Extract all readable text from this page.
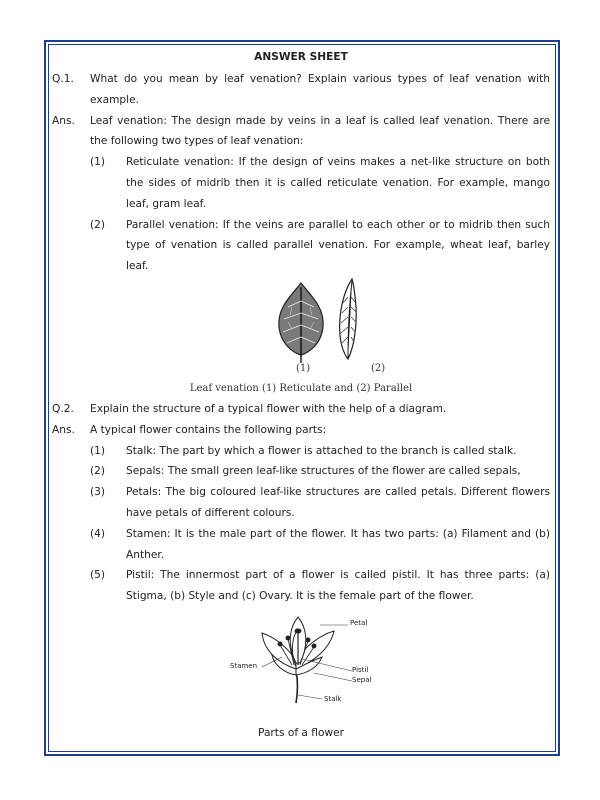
ANSWER SHEET
Q.1.	What do you mean by leaf venation? Explain various types of leaf venation with example.
Ans.	Leaf venation: The design made by veins in a leaf is called leaf venation. There are the following two types of leaf venation:
(1)	Reticulate venation: If the design of veins makes a net-like structure on both the sides of midrib then it is called reticulate venation. For example, mango leaf, gram leaf.
(2)	Parallel venation: If the veins are parallel to each other or to midrib then such type of venation is called parallel venation. For example, wheat leaf, barley leaf.
(1)	(2)
Leaf venation (1) Reticulate and (2) Parallel
Q.2.	Explain the structure of a typical flower with the help of a diagram.
Ans.	A typical flower contains the following parts:
(1)	Stalk: The part by which a flower is attached to the branch is called stalk.
(2)	Sepals: The small green leaf-like structures of the flower are called sepals,
(3)	Petals: The big coloured leaf-like structures are called petals. Different flowers have petals of different colours.
(4)	Stamen: It is the male part of the flower. It has two parts: (a) Filament and (b) Anther.
(5)	Pistil: The innermost part of a flower is called pistil. It has three parts: (a) Stigma, (b) Style and (c) Ovary. It is the female part of the flower.
Petal
Stamen	Pistil
Sepal
Stalk
Parts of a flower
